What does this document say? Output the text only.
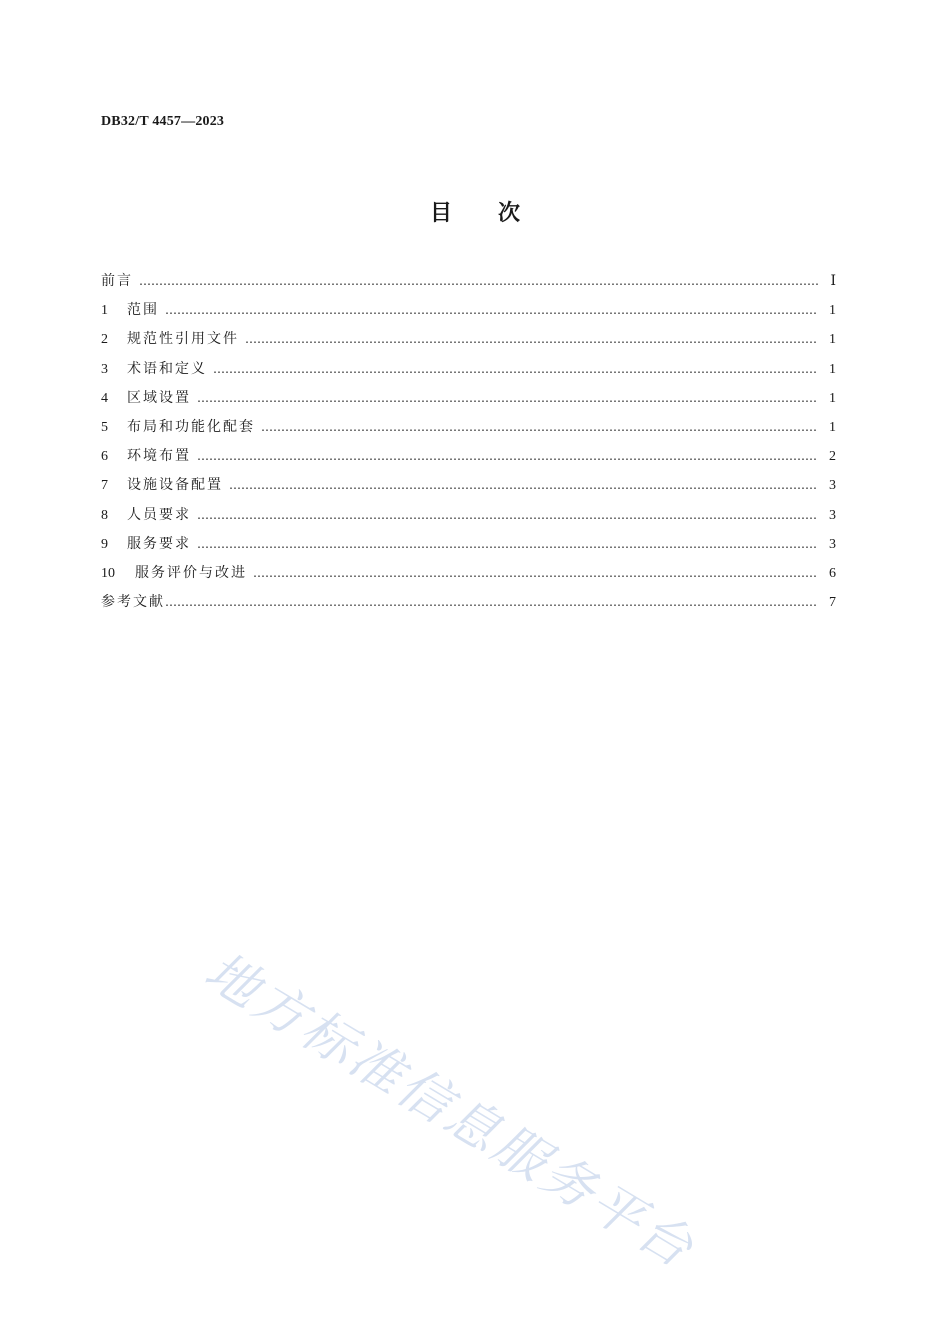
DB32/T 4457—2023
目 次
前言 …………………………………………………………………………………………………………………………………………………………………………………………………………	Ⅰ
1	范围 …………………………………………………………………………………………………………………………………………………………………………………………………………	1
2	规范性引用文件 …………………………………………………………………………………………………………………………………………………………………………………………………………	1
3	术语和定义 …………………………………………………………………………………………………………………………………………………………………………………………………………	1
4	区域设置 …………………………………………………………………………………………………………………………………………………………………………………………………………	1
5	布局和功能化配套 …………………………………………………………………………………………………………………………………………………………………………………………………………	1
6	环境布置 …………………………………………………………………………………………………………………………………………………………………………………………………………	2
7	设施设备配置 …………………………………………………………………………………………………………………………………………………………………………………………………………	3
8	人员要求 …………………………………………………………………………………………………………………………………………………………………………………………………………	3
9	服务要求 …………………………………………………………………………………………………………………………………………………………………………………………………………	3
10	服务评价与改进 …………………………………………………………………………………………………………………………………………………………………………………………………………	6
参考文献 …………………………………………………………………………………………………………………………………………………………………………………………………………	7
地方标准信息服务平台
